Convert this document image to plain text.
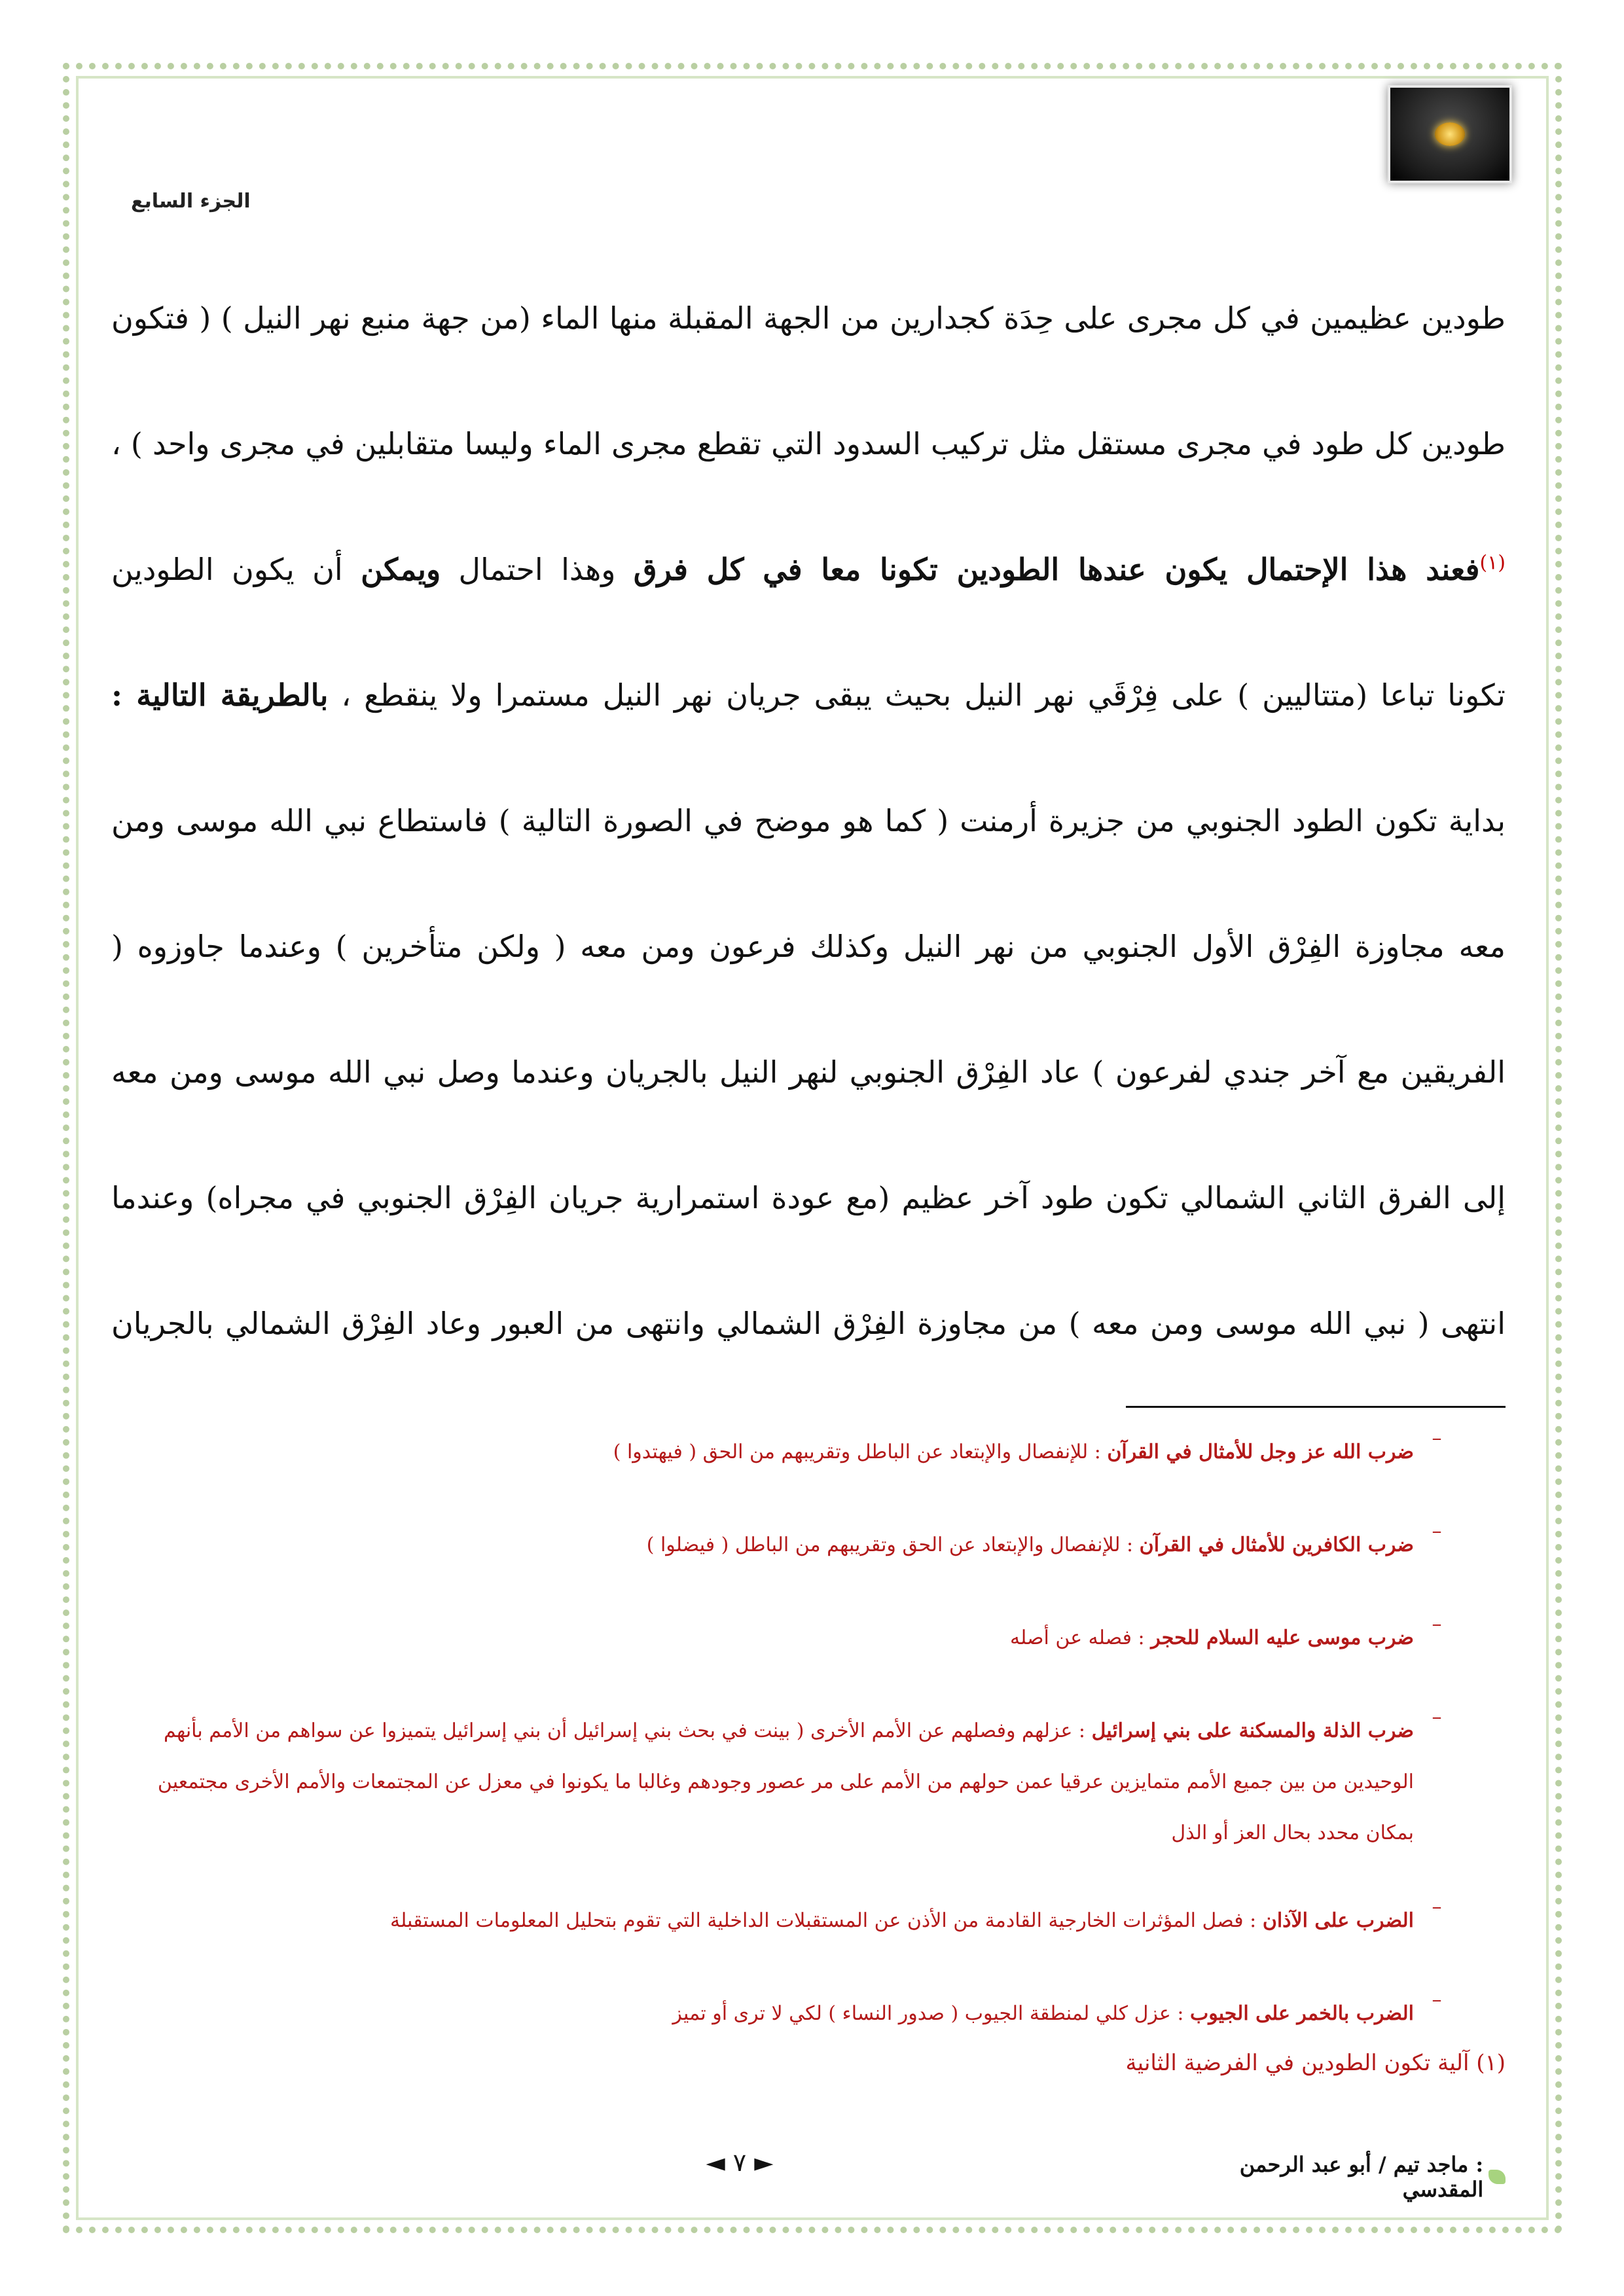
الجزء السابع

طودين عظيمين في كل مجرى على حِدَة كجدارين من الجهة المقبلة منها الماء (من جهة منبع نهر النيل ) ( فتكون

طودين كل طود في مجرى مستقل مثل تركيب السدود التي تقطع مجرى الماء وليسا متقابلين في مجرى واحد ) ،

$^{(١)}$فعند هذا الإحتمال يكون عندها الطودين تكونا معا في كل فرق وهذا احتمال ويمكن أن يكون الطودين

تكونا تباعا (متتاليين ) على فِرْقَي نهر النيل بحيث يبقى جريان نهر النيل مستمرا ولا ينقطع ، بالطريقة التالية :

بداية تكون الطود الجنوبي من جزيرة أرمنت ( كما هو موضح في الصورة التالية ) فاستطاع نبي الله موسى ومن

معه مجاوزة الفِرْق الأول الجنوبي من نهر النيل وكذلك فرعون ومن معه ( ولكن متأخرين ) وعندما جاوزوه (

الفريقين مع آخر جندي لفرعون ) عاد الفِرْق الجنوبي لنهر النيل بالجريان وعندما وصل نبي الله موسى ومن معه

إلى الفرق الثاني الشمالي تكون طود آخر عظيم (مع عودة استمرارية جريان الفِرْق الجنوبي في مجراه) وعندما

انتهى ( نبي الله موسى ومن معه ) من مجاوزة الفِرْق الشمالي وانتهى من العبور وعاد الفِرْق الشمالي بالجريان

–
ضرب الله عز وجل للأمثال في القرآن : للإنفصال والإبتعاد عن الباطل وتقريبهم من الحق ( فيهتدوا )
–
ضرب الكافرين للأمثال في القرآن : للإنفصال والإبتعاد عن الحق وتقريبهم من الباطل ( فيضلوا )
–
ضرب موسى عليه السلام للحجر : فصله عن أصله
–
ضرب الذلة والمسكنة على بني إسرائيل : عزلهم وفصلهم عن الأمم الأخرى ( بينت في بحث بني إسرائيل أن بني إسرائيل يتميزوا عن سواهم من الأمم بأنهم الوحيدين من بين جميع الأمم متمايزين عرقيا عمن حولهم من الأمم على مر عصور وجودهم وغالبا ما يكونوا في معزل عن المجتمعات والأمم الأخرى مجتمعين بمكان محدد بحال العز أو الذل
–
الضرب على الآذان : فصل المؤثرات الخارجية القادمة من الأذن عن المستقبلات الداخلية التي تقوم بتحليل المعلومات المستقبلة
–
الضرب بالخمر على الجيوب : عزل كلي لمنطقة الجيوب ( صدور النساء ) لكي لا ترى أو تميز
(١) آلية تكون الطودين في الفرضية الثانية
◄ ٧ ►	: ماجد تيم / أبو عبد الرحمن المقدسي
